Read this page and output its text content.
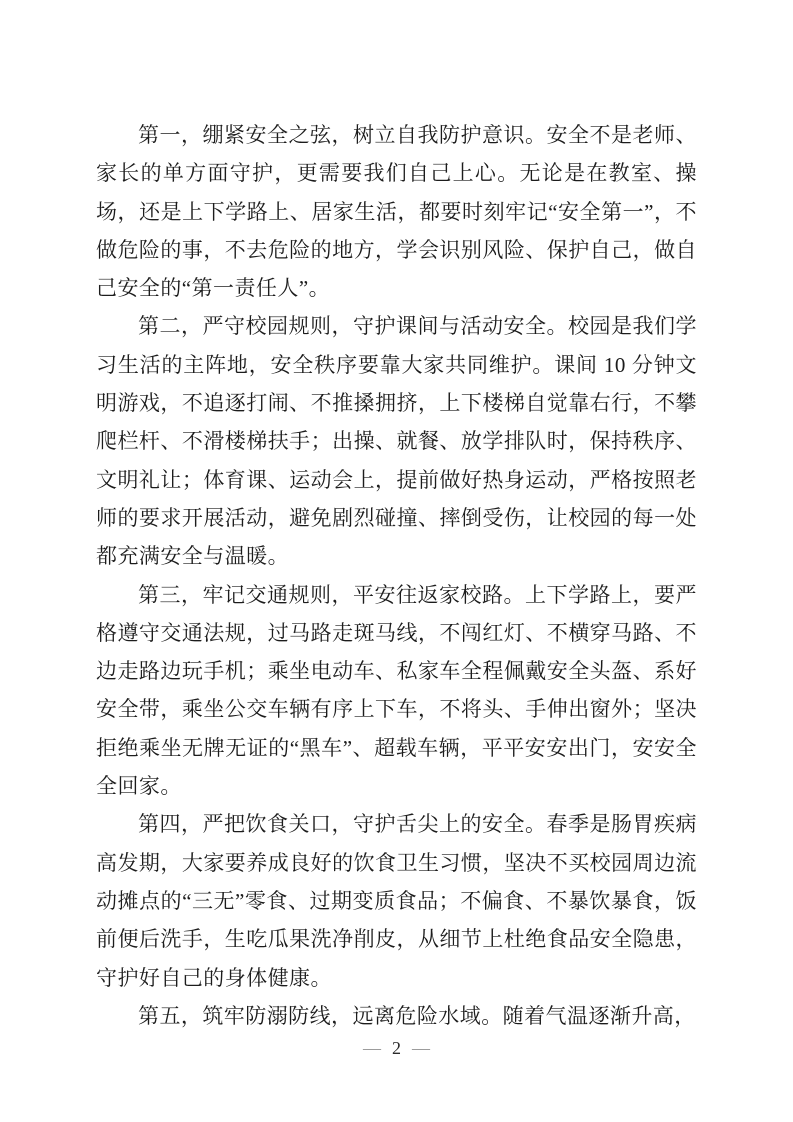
第一，绷紧安全之弦，树立自我防护意识。安全不是老师、家长的单方面守护，更需要我们自己上心。无论是在教室、操场，还是上下学路上、居家生活，都要时刻牢记“安全第一”，不做危险的事，不去危险的地方，学会识别风险、保护自己，做自己安全的“第一责任人”。

第二，严守校园规则，守护课间与活动安全。校园是我们学习生活的主阵地，安全秩序要靠大家共同维护。课间 10 分钟文明游戏，不追逐打闹、不推搡拥挤，上下楼梯自觉靠右行，不攀爬栏杆、不滑楼梯扶手；出操、就餐、放学排队时，保持秩序、文明礼让；体育课、运动会上，提前做好热身运动，严格按照老师的要求开展活动，避免剧烈碰撞、摔倒受伤，让校园的每一处都充满安全与温暖。

第三，牢记交通规则，平安往返家校路。上下学路上，要严格遵守交通法规，过马路走斑马线，不闯红灯、不横穿马路、不边走路边玩手机；乘坐电动车、私家车全程佩戴安全头盔、系好安全带，乘坐公交车辆有序上下车，不将头、手伸出窗外；坚决拒绝乘坐无牌无证的“黑车”、超载车辆，平平安安出门，安安全全回家。

第四，严把饮食关口，守护舌尖上的安全。春季是肠胃疾病高发期，大家要养成良好的饮食卫生习惯，坚决不买校园周边流动摊点的“三无”零食、过期变质食品；不偏食、不暴饮暴食，饭前便后洗手，生吃瓜果洗净削皮，从细节上杜绝食品安全隐患，守护好自己的身体健康。

第五，筑牢防溺防线，远离危险水域。随着气温逐渐升高，

— 2 —
